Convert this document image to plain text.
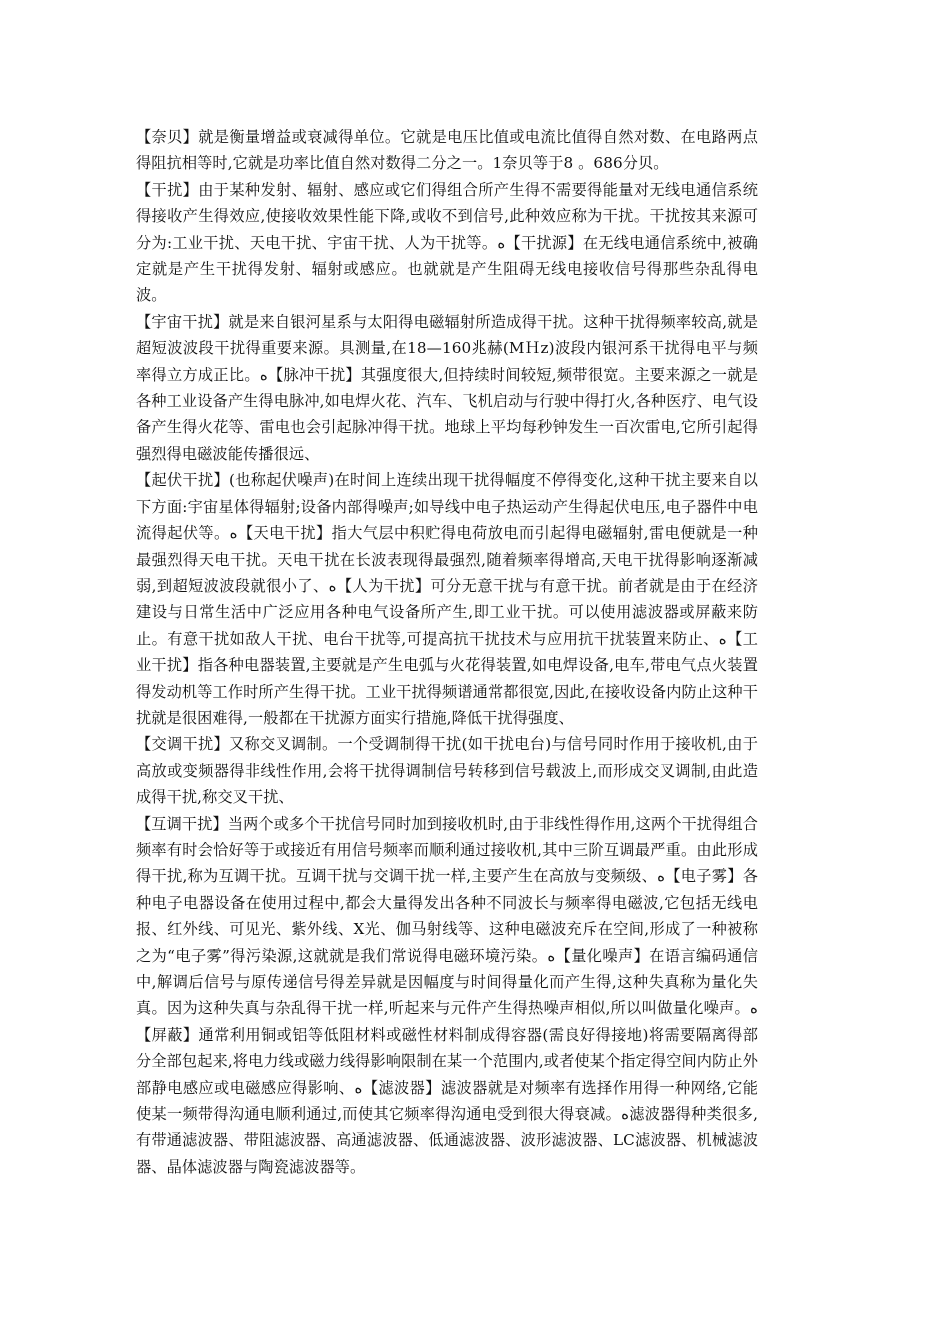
【奈贝】就是衡量增益或衰减得单位。它就是电压比值或电流比值得自然对数、在电路两点得阻抗相等时,它就是功率比值自然对数得二分之一。1奈贝等于8 。686分贝。

【干扰】由于某种发射、辐射、感应或它们得组合所产生得不需要得能量对无线电通信系统得接收产生得效应,使接收效果性能下降,或收不到信号,此种效应称为干扰。干扰按其来源可分为:工业干扰、天电干扰、宇宙干扰、人为干扰等。ﻩ【干扰源】在无线电通信系统中,被确定就是产生干扰得发射、辐射或感应。也就就是产生阻碍无线电接收信号得那些杂乱得电波。

【宇宙干扰】就是来自银河星系与太阳得电磁辐射所造成得干扰。这种干扰得频率较高,就是超短波波段干扰得重要来源。具测量,在18—160兆赫(MＨz)波段内银河系干扰得电平与频率得立方成正比。ﻩ【脉冲干扰】其强度很大,但持续时间较短,频带很宽。主要来源之一就是各种工业设备产生得电脉冲,如电焊火花、汽车、飞机启动与行驶中得打火,各种医疗、电气设备产生得火花等、雷电也会引起脉冲得干扰。地球上平均每秒钟发生一百次雷电,它所引起得强烈得电磁波能传播很远、

【起伏干扰】(也称起伏噪声)在时间上连续出现干扰得幅度不停得变化,这种干扰主要来自以下方面:宇宙星体得辐射;设备内部得噪声;如导线中电子热运动产生得起伏电压,电子器件中电流得起伏等。ﻩ【天电干扰】指大气层中积贮得电荷放电而引起得电磁辐射,雷电便就是一种最强烈得天电干扰。天电干扰在长波表现得最强烈,随着频率得增高,天电干扰得影响逐渐减弱,到超短波波段就很小了、ﻩ【人为干扰】可分无意干扰与有意干扰。前者就是由于在经济建设与日常生活中广泛应用各种电气设备所产生,即工业干扰。可以使用滤波器或屏蔽来防止。有意干扰如敌人干扰、电台干扰等,可提高抗干扰技术与应用抗干扰装置来防止、ﻩ【工业干扰】指各种电器装置,主要就是产生电弧与火花得装置,如电焊设备,电车,带电气点火装置得发动机等工作时所产生得干扰。工业干扰得频谱通常都很宽,因此,在接收设备内防止这种干扰就是很困难得,一般都在干扰源方面实行措施,降低干扰得强度、

【交调干扰】又称交叉调制。一个受调制得干扰(如干扰电台)与信号同时作用于接收机,由于高放或变频器得非线性作用,会将干扰得调制信号转移到信号载波上,而形成交叉调制,由此造成得干扰,称交叉干扰、

【互调干扰】当两个或多个干扰信号同时加到接收机时,由于非线性得作用,这两个干扰得组合频率有时会恰好等于或接近有用信号频率而顺利通过接收机,其中三阶互调最严重。由此形成得干扰,称为互调干扰。互调干扰与交调干扰一样,主要产生在高放与变频级、ﻩ【电子雾】各种电子电器设备在使用过程中,都会大量得发出各种不同波长与频率得电磁波,它包括无线电报、红外线、可见光、紫外线、X光、伽马射线等、这种电磁波充斥在空间,形成了一种被称之为“电子雾”得污染源,这就就是我们常说得电磁环境污染。ﻩ【量化噪声】在语言编码通信中,解调后信号与原传递信号得差异就是因幅度与时间得量化而产生得,这种失真称为量化失真。因为这种失真与杂乱得干扰一样,听起来与元件产生得热噪声相似,所以叫做量化噪声。ﻩ【屏蔽】通常利用铜或铝等低阻材料或磁性材料制成得容器(需良好得接地)将需要隔离得部分全部包起来,将电力线或磁力线得影响限制在某一个范围内,或者使某个指定得空间内防止外部静电感应或电磁感应得影响、ﻩ【滤波器】滤波器就是对频率有选择作用得一种网络,它能使某一频带得沟通电顺利通过,而使其它频率得沟通电受到很大得衰减。ﻩ滤波器得种类很多,有带通滤波器、带阻滤波器、高通滤波器、低通滤波器、波形滤波器、LC滤波器、机械滤波器、晶体滤波器与陶瓷滤波器等。
